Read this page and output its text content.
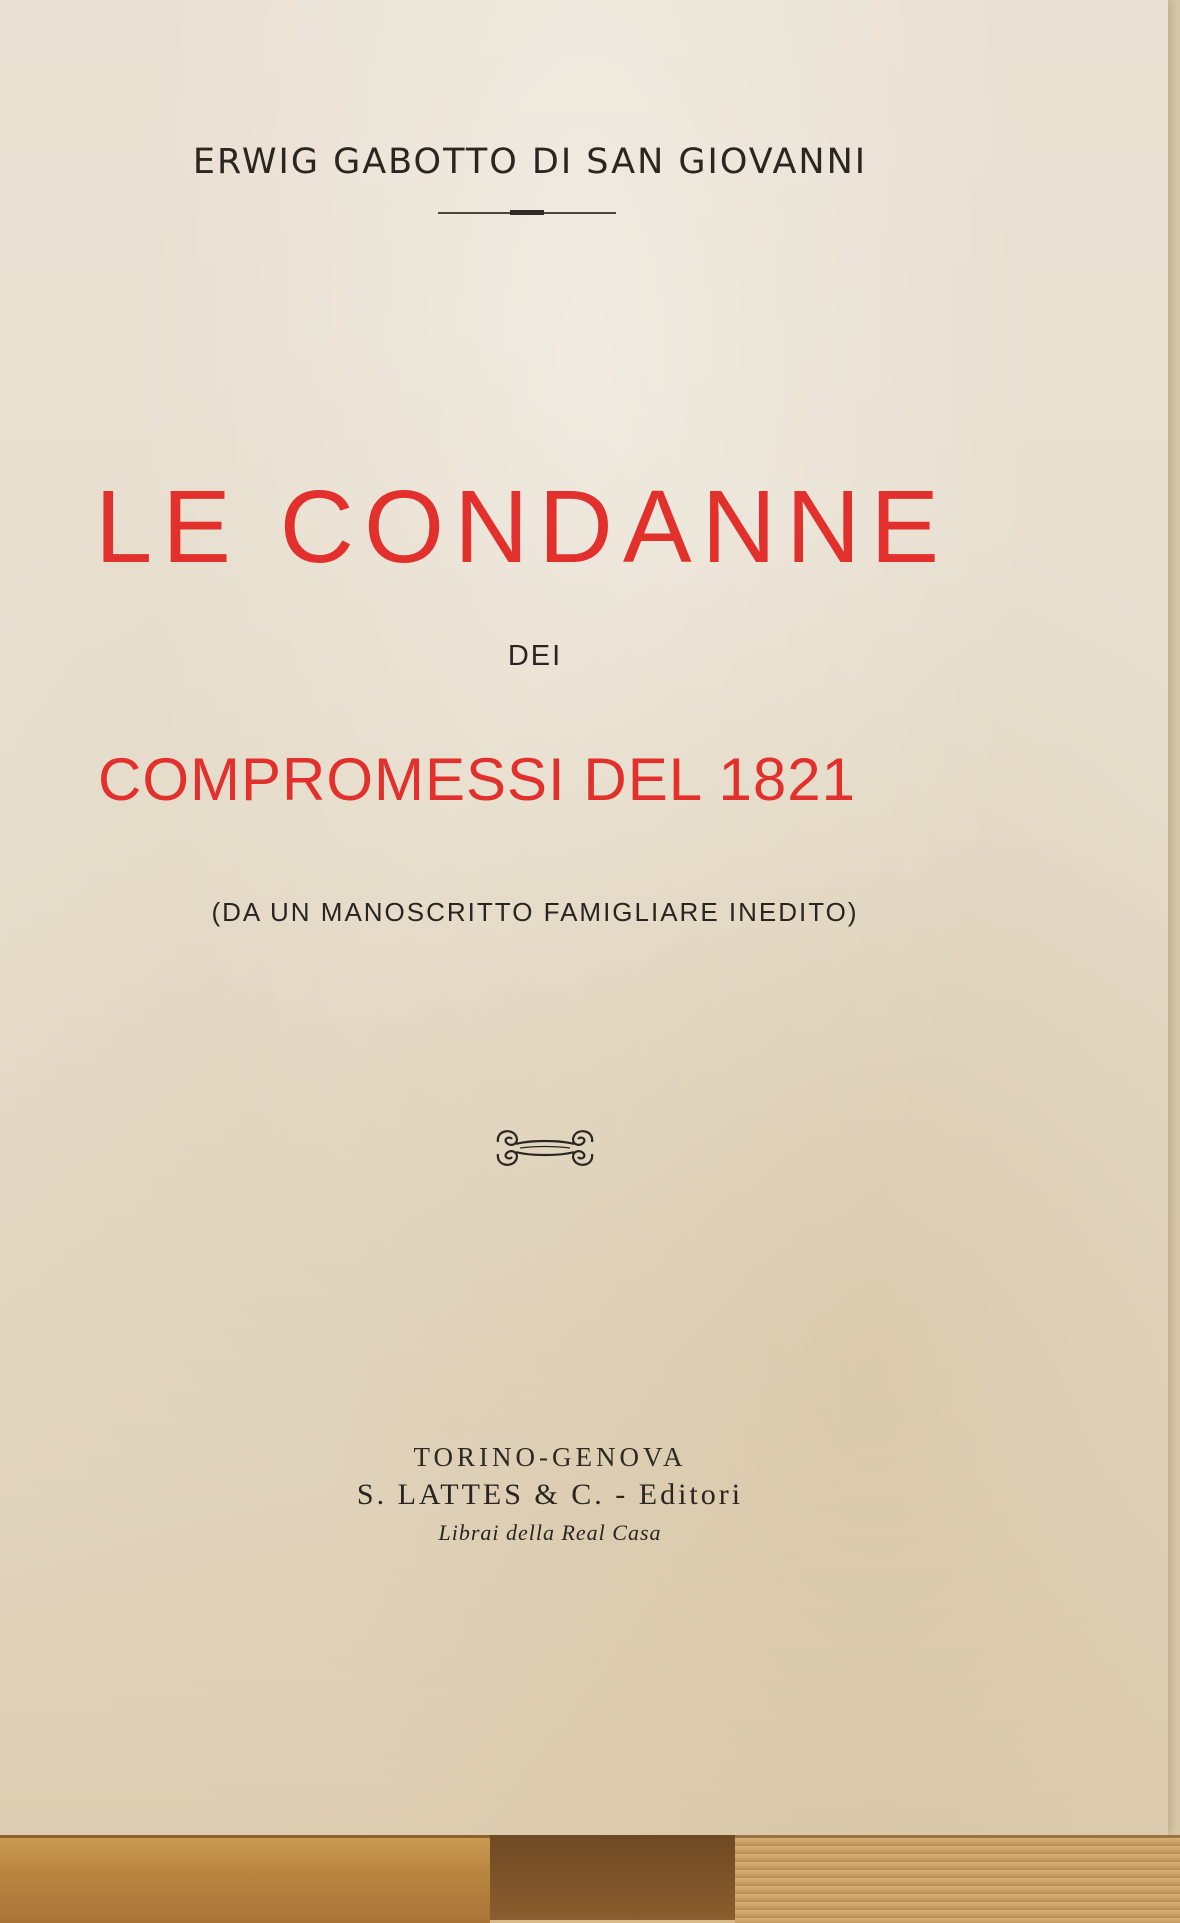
ERWIG GABOTTO DI SAN GIOVANNI
LE CONDANNE
DEI
COMPROMESSI DEL 1821
(DA UN MANOSCRITTO FAMIGLIARE INEDITO)
TORINO-GENOVA
S. LATTES & C. - Editori
Librai della Real Casa
